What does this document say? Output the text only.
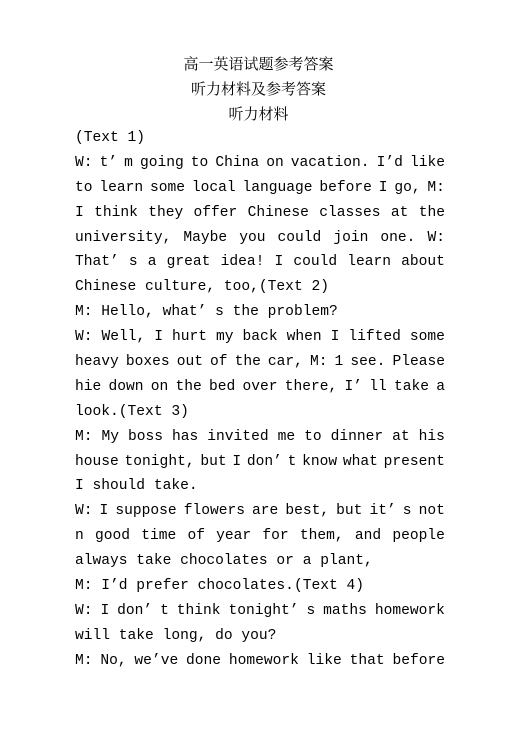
高一英语试题参考答案
听力材料及参考答案
听力材料
(Text 1)
W: t’ m going to China on vacation. I’d like
to learn some local language before I go, M:
I think they offer Chinese classes at the
university, Maybe you could join one. W:
That’ s a great idea! I could learn about
Chinese culture, too,(Text 2)
M: Hello, what’ s the problem?
W: Well, I hurt my back when I lifted some
heavy boxes out of the car, M: 1 see. Please
hie down on the bed over there, I’ ll take a
look.(Text 3)
M: My boss has invited me to dinner at his
house tonight, but I don’ t know what present
I should take.
W: I suppose flowers are best, but it’ s not
n good time of year for them, and people
always take chocolates or a plant,
M: I’d prefer chocolates.(Text 4)
W: I don’ t think tonight’ s maths homework
will take long, do you?
M: No, we’ve done homework like that before
